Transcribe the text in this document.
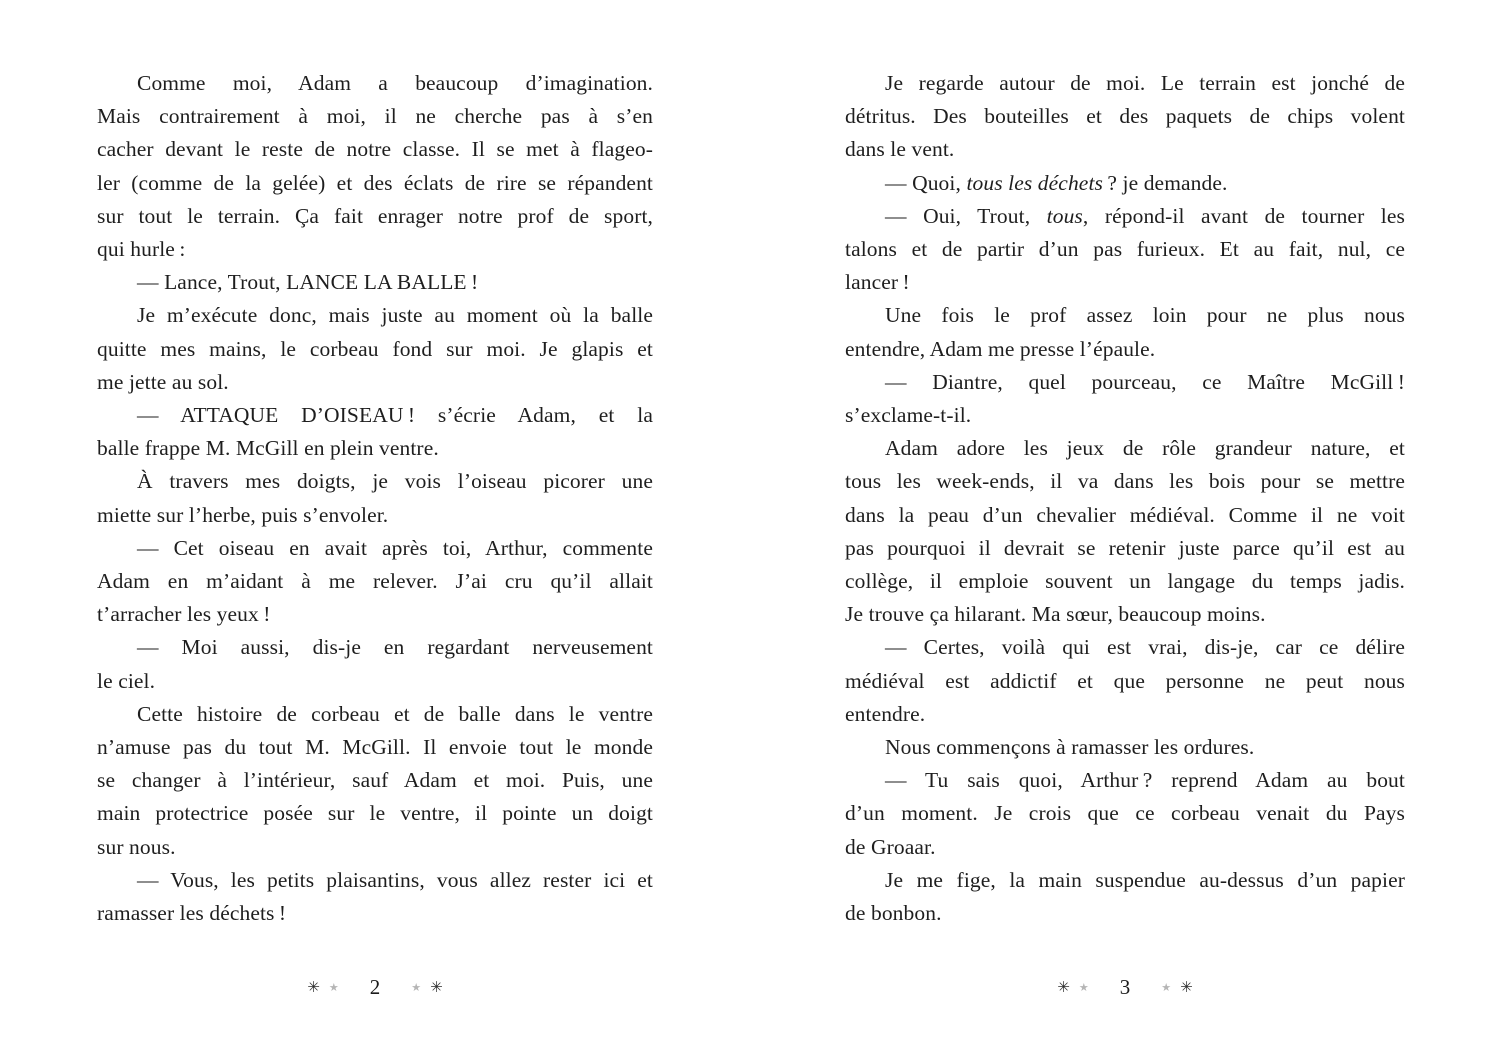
Comme moi, Adam a beaucoup d’imagination.
Mais contrairement à moi, il ne cherche pas à s’en
cacher devant le reste de notre classe. Il se met à flageo-
ler (comme de la gelée) et des éclats de rire se répandent
sur tout le terrain. Ça fait enrager notre prof de sport,
qui hurle :
— Lance, Trout, LANCE LA BALLE !
Je m’exécute donc, mais juste au moment où la balle
quitte mes mains, le corbeau fond sur moi. Je glapis et
me jette au sol.
— ATTAQUE D’OISEAU ! s’écrie Adam, et la
balle frappe M. McGill en plein ventre.
À travers mes doigts, je vois l’oiseau picorer une
miette sur l’herbe, puis s’envoler.
— Cet oiseau en avait après toi, Arthur, commente
Adam en m’aidant à me relever. J’ai cru qu’il allait
t’arracher les yeux !
— Moi aussi, dis-je en regardant nerveusement
le ciel.
Cette histoire de corbeau et de balle dans le ventre
n’amuse pas du tout M. McGill. Il envoie tout le monde
se changer à l’intérieur, sauf Adam et moi. Puis, une
main protectrice posée sur le ventre, il pointe un doigt
sur nous.
— Vous, les petits plaisantins, vous allez rester ici et
ramasser les déchets !
✳ ★ 2	★ ✳
Je regarde autour de moi. Le terrain est jonché de
détritus. Des bouteilles et des paquets de chips volent
dans le vent.
— Quoi, tous les déchets ? je demande.
— Oui, Trout, tous, répond-il avant de tourner les
talons et de partir d’un pas furieux. Et au fait, nul, ce
lancer !
Une fois le prof assez loin pour ne plus nous
entendre, Adam me presse l’épaule.
— Diantre, quel pourceau, ce Maître McGill !
s’exclame-t-il.
Adam adore les jeux de rôle grandeur nature, et
tous les week-ends, il va dans les bois pour se mettre
dans la peau d’un chevalier médiéval. Comme il ne voit
pas pourquoi il devrait se retenir juste parce qu’il est au
collège, il emploie souvent un langage du temps jadis.
Je trouve ça hilarant. Ma sœur, beaucoup moins.
— Certes, voilà qui est vrai, dis-je, car ce délire
médiéval est addictif et que personne ne peut nous
entendre.
Nous commençons à ramasser les ordures.
— Tu sais quoi, Arthur ? reprend Adam au bout
d’un moment. Je crois que ce corbeau venait du Pays
de Groaar.
Je me fige, la main suspendue au-dessus d’un papier
de bonbon.
✳ ★ 3	★ ✳
